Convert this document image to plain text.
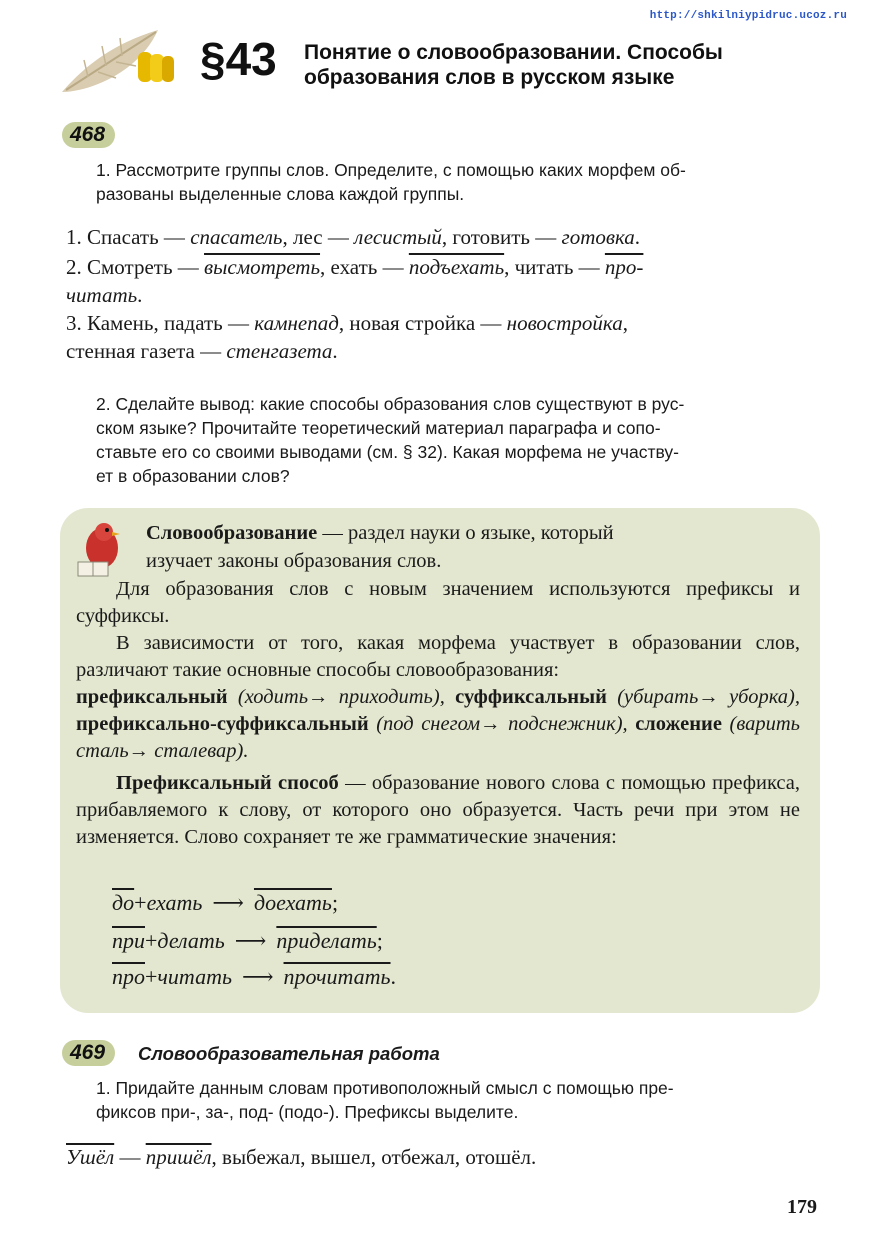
http://shkilniypidruc.ucoz.ru
§43 Понятие о словообразовании. Способы
образования слов в русском языке
468
1. Рассмотрите группы слов. Определите, с помощью каких морфем об-
разованы выделенные слова каждой группы.
1. Спасать — спасатель, лес — лесистый, готовить — готовка.
2. Смотреть — высмотреть, ехать — подъехать, читать — про-
читать.
3. Камень, падать — камнепад, новая стройка — новостройка,
стенная газета — стенгазета.
2. Сделайте вывод: какие способы образования слов существуют в рус-
ском языке? Прочитайте теоретический материал параграфа и сопо-
ставьте его со своими выводами (см. § 32). Какая морфема не участву-
ет в образовании слов?
Словообразование — раздел науки о языке, который
изучает законы образования слов.
Для образования слов с новым значением используются префиксы и суффиксы.
В зависимости от того, какая морфема участвует в образовании слов, различают такие основные способы словообразования:
префиксальный (ходить→ приходить), суффиксальный (убирать→ уборка), префиксально-суффиксальный (под снегом→ подснежник), сложение (варить сталь→ сталевар).
Префиксальный способ — образование нового слова с помощью префикса, прибавляемого к слову, от которого оно образуется. Часть речи при этом не изменяется. Слово сохраняет те же грамматические значения:
до+ехать ⟶ доехать;
при+делать ⟶ приделать;
про+читать ⟶ прочитать.
469	Словообразовательная работа
1. Придайте данным словам противоположный смысл с помощью пре-
фиксов при-, за-, под- (подо-). Префиксы выделите.
Ушёл — пришёл, выбежал, вышел, отбежал, отошёл.
179
